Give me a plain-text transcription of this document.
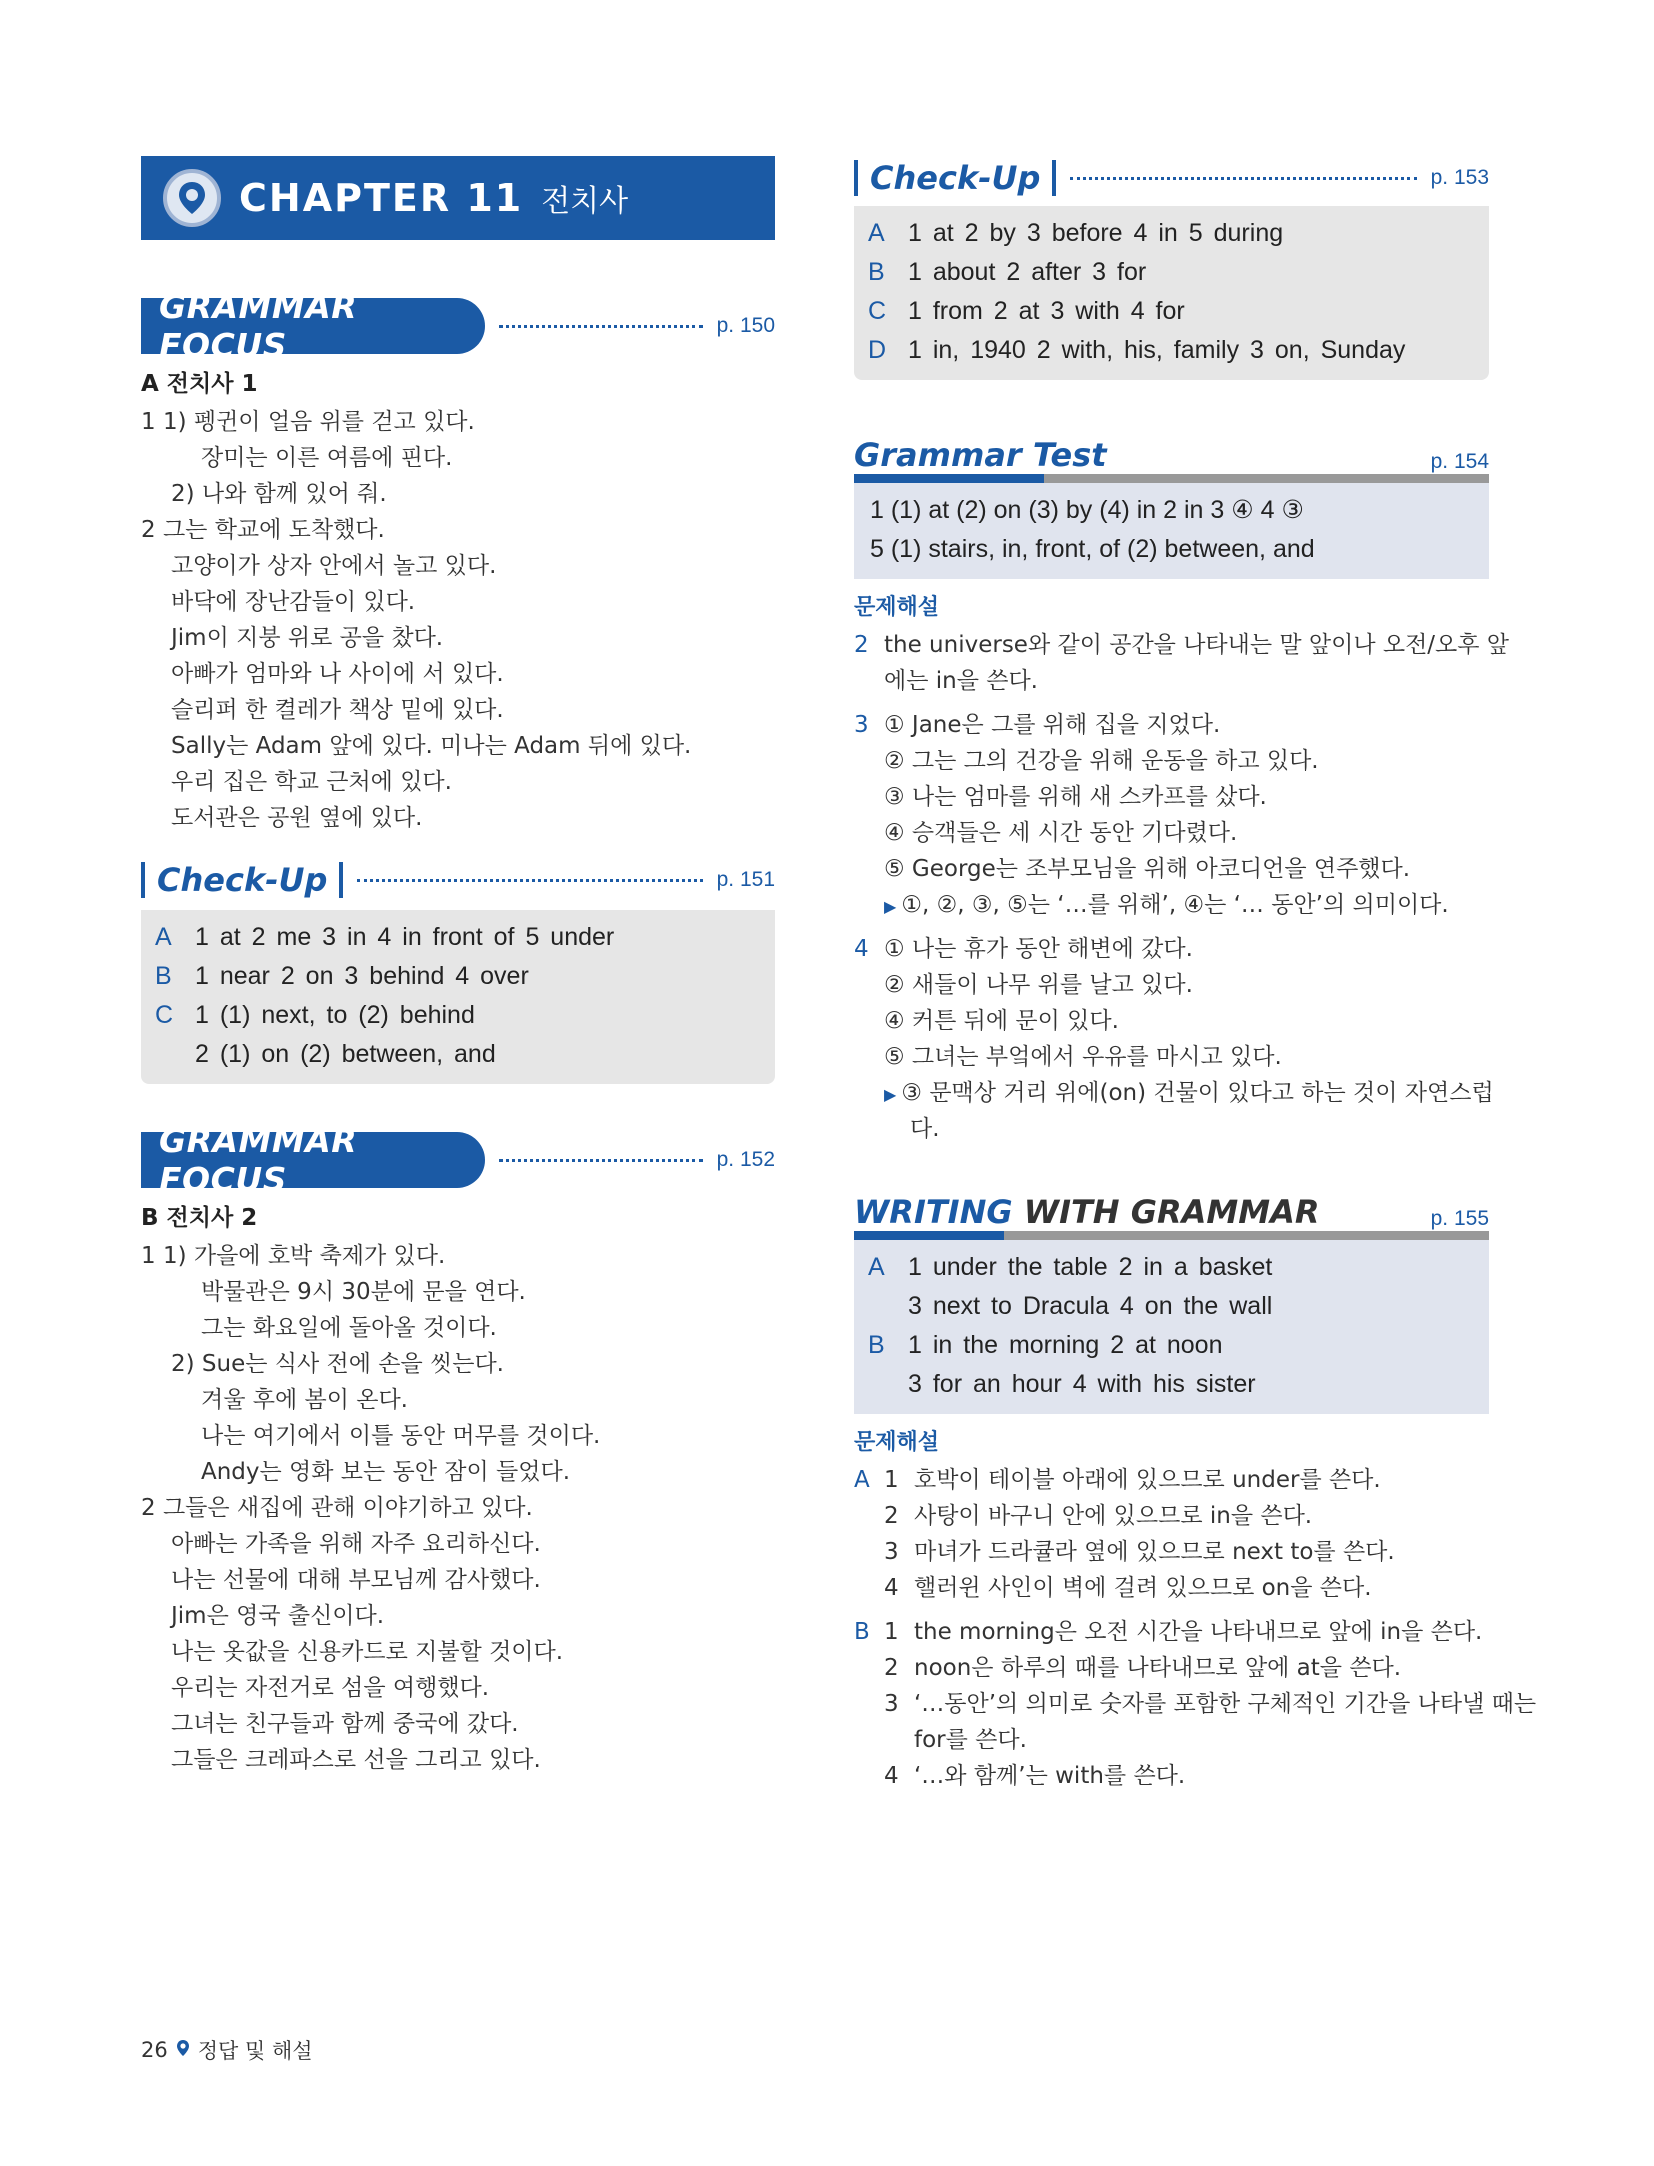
CHAPTER 11 전치사
GRAMMAR FOCUS
p. 150
A 전치사 1
1 1) 펭귄이 얼음 위를 걷고 있다.
장미는 이른 여름에 핀다.
2) 나와 함께 있어 줘.
2 그는 학교에 도착했다.
고양이가 상자 안에서 놀고 있다.
바닥에 장난감들이 있다.
Jim이 지붕 위로 공을 찼다.
아빠가 엄마와 나 사이에 서 있다.
슬리퍼 한 켤레가 책상 밑에 있다.
Sally는 Adam 앞에 있다. 미나는 Adam 뒤에 있다.
우리 집은 학교 근처에 있다.
도서관은 공원 옆에 있다.
Check-Up	p. 151
A 1 at 2 me 3 in 4 in front of 5 under
B 1 near 2 on 3 behind 4 over
C 1 (1) next, to (2) behind
2 (1) on (2) between, and
GRAMMAR FOCUS
p. 152
B 전치사 2
1 1) 가을에 호박 축제가 있다.
박물관은 9시 30분에 문을 연다.
그는 화요일에 돌아올 것이다.
2) Sue는 식사 전에 손을 씻는다.
겨울 후에 봄이 온다.
나는 여기에서 이틀 동안 머무를 것이다.
Andy는 영화 보는 동안 잠이 들었다.
2 그들은 새집에 관해 이야기하고 있다.
아빠는 가족을 위해 자주 요리하신다.
나는 선물에 대해 부모님께 감사했다.
Jim은 영국 출신이다.
나는 옷값을 신용카드로 지불할 것이다.
우리는 자전거로 섬을 여행했다.
그녀는 친구들과 함께 중국에 갔다.
그들은 크레파스로 선을 그리고 있다.
Check-Up	p. 153
A 1 at 2 by 3 before 4 in 5 during
B 1 about 2 after 3 for
C 1 from 2 at 3 with 4 for
D 1 in, 1940 2 with, his, family 3 on, Sunday
Grammar Test	p. 154
1 (1) at (2) on (3) by (4) in 2 in 3 ④ 4 ③
5 (1) stairs, in, front, of (2) between, and
문제해설
2 the universe와 같이 공간을 나타내는 말 앞이나 오전/오후 앞
에는 in을 쓴다.
3 ① Jane은 그를 위해 집을 지었다.
② 그는 그의 건강을 위해 운동을 하고 있다.
③ 나는 엄마를 위해 새 스카프를 샀다.
④ 승객들은 세 시간 동안 기다렸다.
⑤ George는 조부모님을 위해 아코디언을 연주했다.
▶ ①, ②, ③, ⑤는 ‘…를 위해’, ④는 ‘… 동안’의 의미이다.
4 ① 나는 휴가 동안 해변에 갔다.
② 새들이 나무 위를 날고 있다.
④ 커튼 뒤에 문이 있다.
⑤ 그녀는 부엌에서 우유를 마시고 있다.
▶ ③ 문맥상 거리 위에(on) 건물이 있다고 하는 것이 자연스럽
다.
WRITING WITH GRAMMAR	p. 155
A 1 under the table 2 in a basket
3 next to Dracula 4 on the wall
B 1 in the morning 2 at noon
3 for an hour 4 with his sister
문제해설
A 1 호박이 테이블 아래에 있으므로 under를 쓴다.
2 사탕이 바구니 안에 있으므로 in을 쓴다.
3 마녀가 드라큘라 옆에 있으므로 next to를 쓴다.
4 핼러윈 사인이 벽에 걸려 있으므로 on을 쓴다.
B 1 the morning은 오전 시간을 나타내므로 앞에 in을 쓴다.
2 noon은 하루의 때를 나타내므로 앞에 at을 쓴다.
3 ‘…동안’의 의미로 숫자를 포함한 구체적인 기간을 나타낼 때는
for를 쓴다.
4 ‘…와 함께’는 with를 쓴다.
26 정답 및 해설
